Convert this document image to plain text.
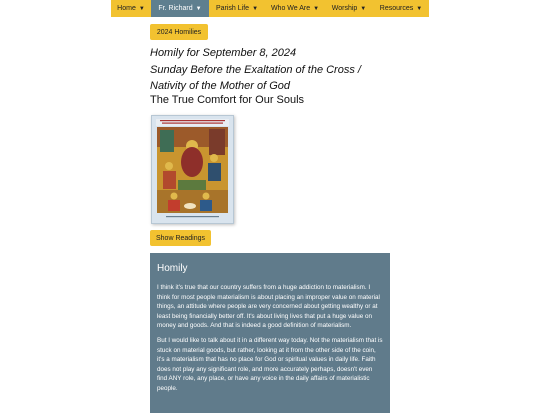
Home ▼ Fr. Richard ▼ Parish Life ▼ Who We Are ▼ Worship ▼ Resources ▼
2024 Homilies
Homily for September 8, 2024
Sunday Before the Exaltation of the Cross / Nativity of the Mother of God
The True Comfort for Our Souls
Show Readings
Homily

I think it's true that our country suffers from a huge addiction to materialism. I think for most people materialism is about placing an improper value on material things, an attitude where people are very concerned about getting wealthy or at least being financially better off. It's about living lives that put a huge value on money and goods. And that is indeed a good definition of materialism.

But I would like to talk about it in a different way today. Not the materialism that is stuck on material goods, but rather, looking at it from the other side of the coin, it's a materialism that has no place for God or spiritual values in daily life. Faith does not play any significant role, and more accurately perhaps, doesn't even find ANY role, any place, or have any voice in the daily affairs of materialistic people.
